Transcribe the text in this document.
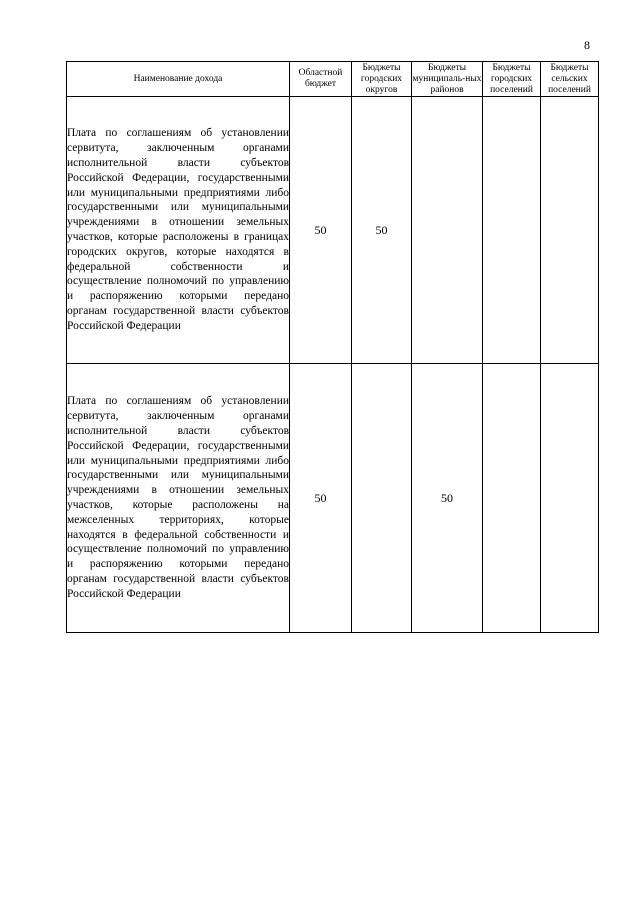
8
Наименование дохода	Областной бюджет	Бюджеты городских округов	Бюджеты муниципаль-ных районов	Бюджеты городских поселений	Бюджеты сельских поселений
Плата по соглашениям об установлении сервитута, заключенным органами исполнительной власти субъектов Российской Федерации, государственными или муниципальными предприятиями либо государственными или муниципальными учреждениями в отношении земельных участков, которые расположены в границах городских округов, которые находятся в федеральной собственности и осуществление полномочий по управлению и распоряжению которыми передано органам государственной власти субъектов Российской Федерации	50	50			
Плата по соглашениям об установлении сервитута, заключенным органами исполнительной власти субъектов Российской Федерации, государственными или муниципальными предприятиями либо государственными или муниципальными учреждениями в отношении земельных участков, которые расположены на межселенных территориях, которые находятся в федеральной собственности и осуществление полномочий по управлению и распоряжению которыми передано органам государственной власти субъектов Российской Федерации	50		50		
